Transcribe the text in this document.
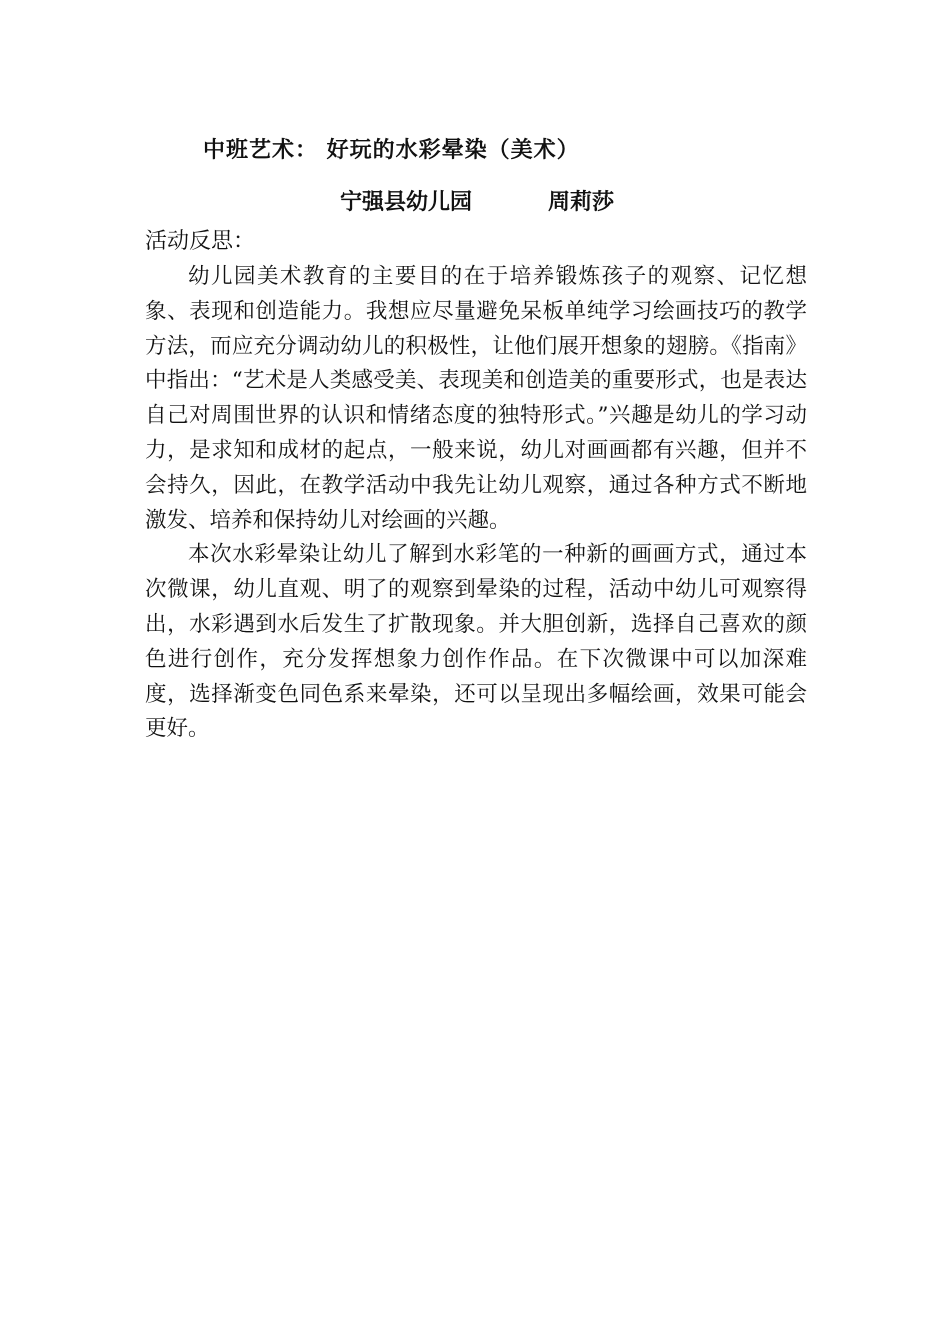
中班艺术： 好玩的水彩晕染（美术）
宁强县幼儿园	周莉莎
活动反思：

幼儿园美术教育的主要目的在于培养锻炼孩子的观察、记忆想象、表现和创造能力。我想应尽量避免呆板单纯学习绘画技巧的教学方法，而应充分调动幼儿的积极性，让他们展开想象的翅膀。《指南》中指出：“艺术是人类感受美、表现美和创造美的重要形式，也是表达自己对周围世界的认识和情绪态度的独特形式。”兴趣是幼儿的学习动力，是求知和成材的起点，一般来说，幼儿对画画都有兴趣，但并不会持久，因此，在教学活动中我先让幼儿观察，通过各种方式不断地激发、培养和保持幼儿对绘画的兴趣。

本次水彩晕染让幼儿了解到水彩笔的一种新的画画方式，通过本次微课，幼儿直观、明了的观察到晕染的过程，活动中幼儿可观察得出，水彩遇到水后发生了扩散现象。并大胆创新，选择自己喜欢的颜色进行创作，充分发挥想象力创作作品。在下次微课中可以加深难度，选择渐变色同色系来晕染，还可以呈现出多幅绘画，效果可能会更好。
